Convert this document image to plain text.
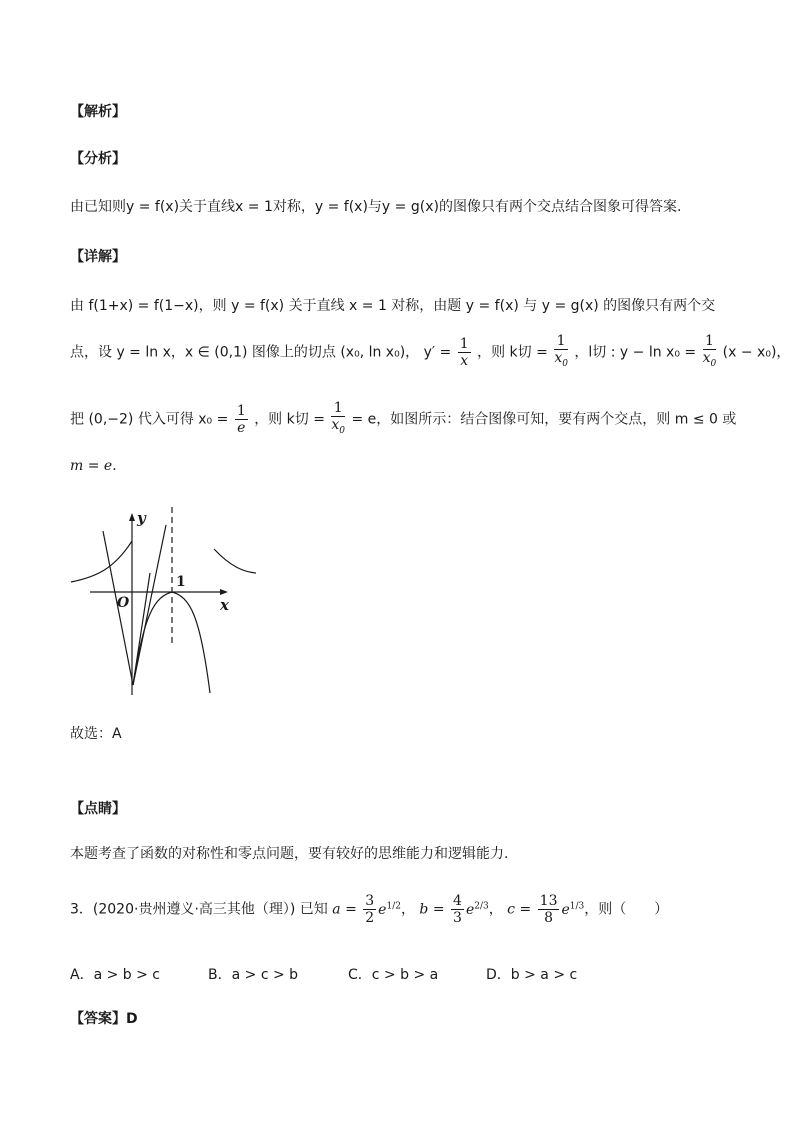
【解析】
【分析】
由已知则y = f(x)关于直线x = 1对称，y = f(x)与y = g(x)的图像只有两个交点结合图象可得答案.
【详解】
由 f(1+x) = f(1−x)，则 y = f(x) 关于直线 x = 1 对称，由题 y = f(x) 与 y = g(x) 的图像只有两个交
点，设 y = ln x，x ∈ (0,1) 图像上的切点 (x₀, ln x₀)， $y' = \frac{1}{x}$ ，则 k切 = $\frac{1}{x_0}$ ，l切 : $y - \ln x_0 = \frac{1}{x_0} (x - x_0)$，
把 (0,−2) 代入可得 $x_0 = \frac{1}{e}$ ，则 k切 = $\frac{1}{x_0} = e$，如图所示：结合图像可知，要有两个交点，则 m ≤ 0 或
m = e.
y
x
O
1
故选：A
【点睛】
本题考查了函数的对称性和零点问题，要有较好的思维能力和逻辑能力.
3．(2020·贵州遵义·高三其他（理）) 已知 $a = \frac{3}{2} e^{1/2}$， $b = \frac{4}{3} e^{2/3}$， $c = \frac{13}{8} e^{1/3}$，则（　　）
A．a > b > c	B．a > c > b	C．c > b > a	D．b > a > c
【答案】D
